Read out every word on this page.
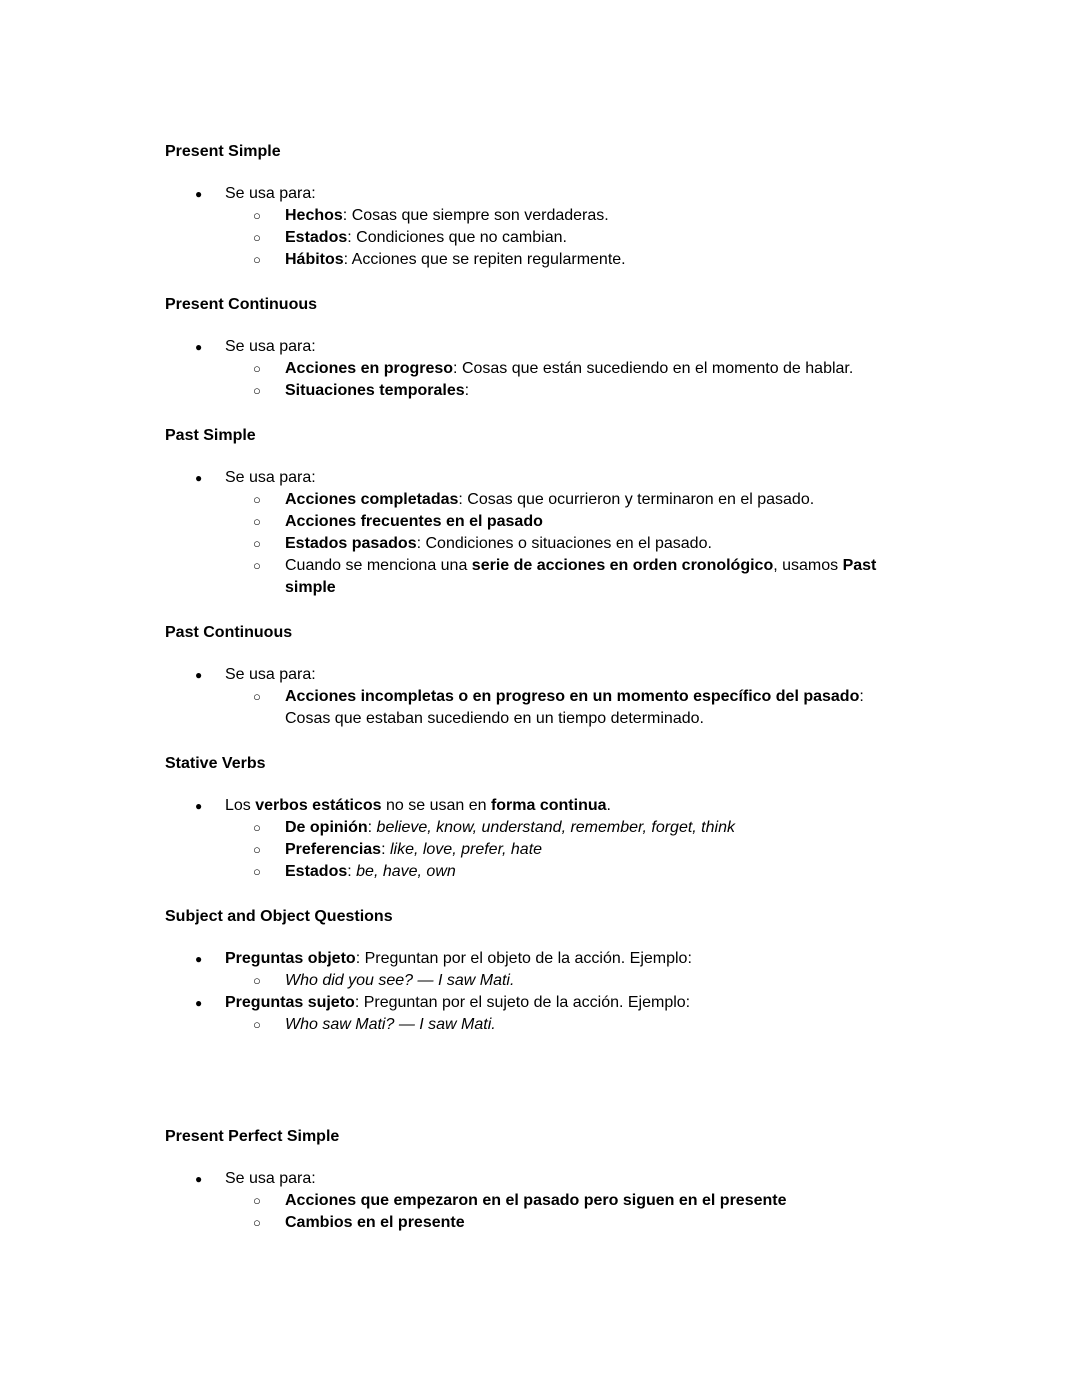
Present Simple
● Se usa para:
○ Hechos: Cosas que siempre son verdaderas.
○ Estados: Condiciones que no cambian.
○ Hábitos: Acciones que se repiten regularmente.
Present Continuous
● Se usa para:
○ Acciones en progreso: Cosas que están sucediendo en el momento de hablar.
○ Situaciones temporales:
Past Simple
● Se usa para:
○ Acciones completadas: Cosas que ocurrieron y terminaron en el pasado.
○ Acciones frecuentes en el pasado
○ Estados pasados: Condiciones o situaciones en el pasado.
○ Cuando se menciona una serie de acciones en orden cronológico, usamos Past simple
Past Continuous
● Se usa para:
○ Acciones incompletas o en progreso en un momento específico del pasado: Cosas que estaban sucediendo en un tiempo determinado.
Stative Verbs
● Los verbos estáticos no se usan en forma continua.
○ De opinión: believe, know, understand, remember, forget, think
○ Preferencias: like, love, prefer, hate
○ Estados: be, have, own
Subject and Object Questions
● Preguntas objeto: Preguntan por el objeto de la acción. Ejemplo:
○ Who did you see? — I saw Mati.
● Preguntas sujeto: Preguntan por el sujeto de la acción. Ejemplo:
○ Who saw Mati? — I saw Mati.
Present Perfect Simple
● Se usa para:
○ Acciones que empezaron en el pasado pero siguen en el presente
○ Cambios en el presente
